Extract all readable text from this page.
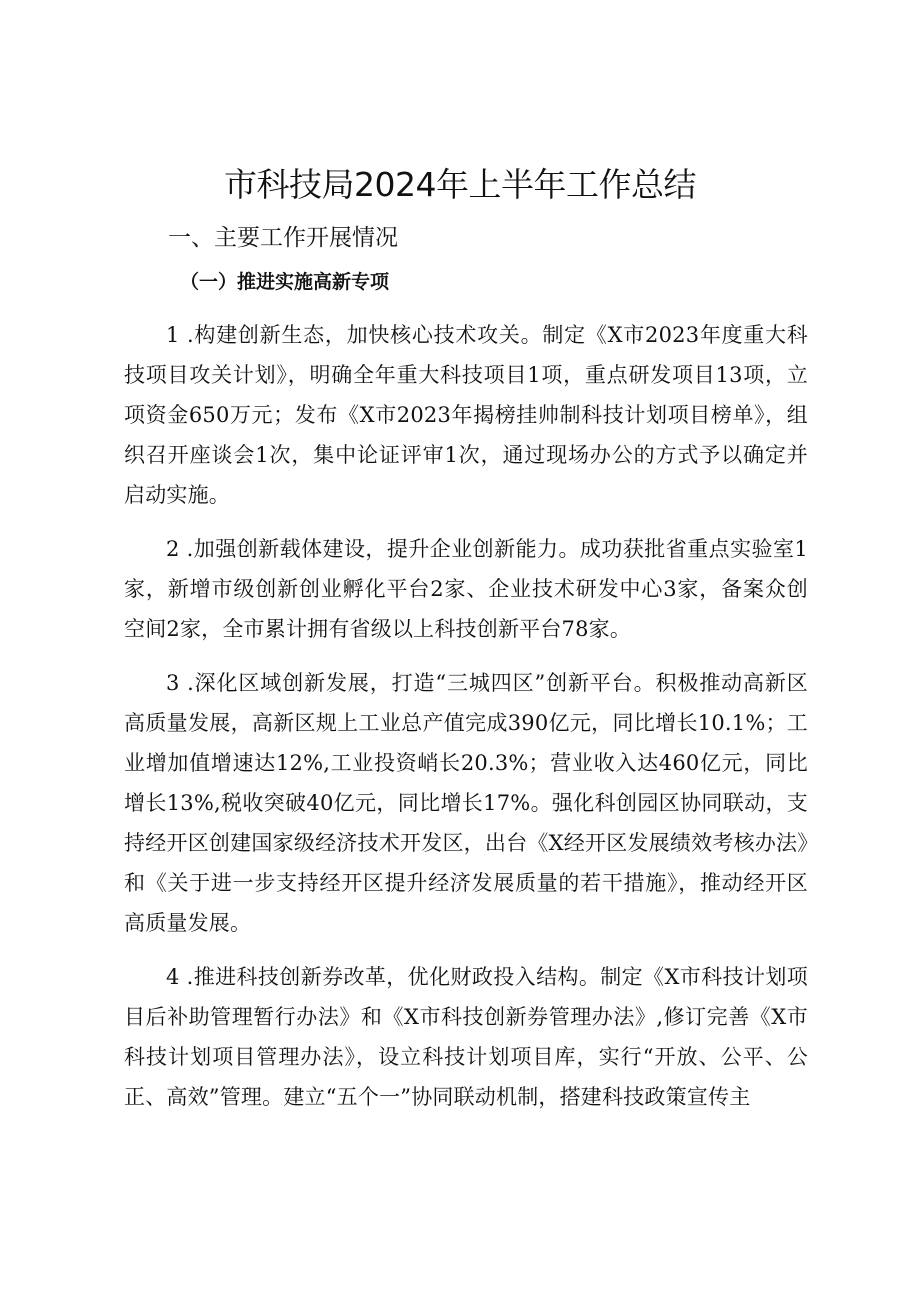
市科技局2024年上半年工作总结
一、主要工作开展情况
（一）推进实施高新专项

1 .构建创新生态，加快核心技术攻关。制定《X市2023年度重大科技项目攻关计划》，明确全年重大科技项目1项，重点研发项目13项，立项资金650万元；发布《X市2023年揭榜挂帅制科技计划项目榜单》，组织召开座谈会1次，集中论证评审1次，通过现场办公的方式予以确定并启动实施。

2 .加强创新载体建设，提升企业创新能力。成功获批省重点实验室1家，新增市级创新创业孵化平台2家、企业技术研发中心3家，备案众创空间2家，全市累计拥有省级以上科技创新平台78家。

3 .深化区域创新发展，打造“三城四区”创新平台。积极推动高新区高质量发展，高新区规上工业总产值完成390亿元，同比增长10.1%；工业增加值增速达12%,工业投资峭长20.3%；营业收入达460亿元，同比增长13%,税收突破40亿元，同比增长17%。强化科创园区协同联动，支持经开区创建国家级经济技术开发区，出台《X经开区发展绩效考核办法》和《关于进一步支持经开区提升经济发展质量的若干措施》，推动经开区高质量发展。

4 .推进科技创新券改革，优化财政投入结构。制定《X市科技计划项目后补助管理暂行办法》和《X市科技创新券管理办法》,修订完善《X市科技计划项目管理办法》，设立科技计划项目库，实行“开放、公平、公正、高效”管理。建立“五个一”协同联动机制，搭建科技政策宣传主
